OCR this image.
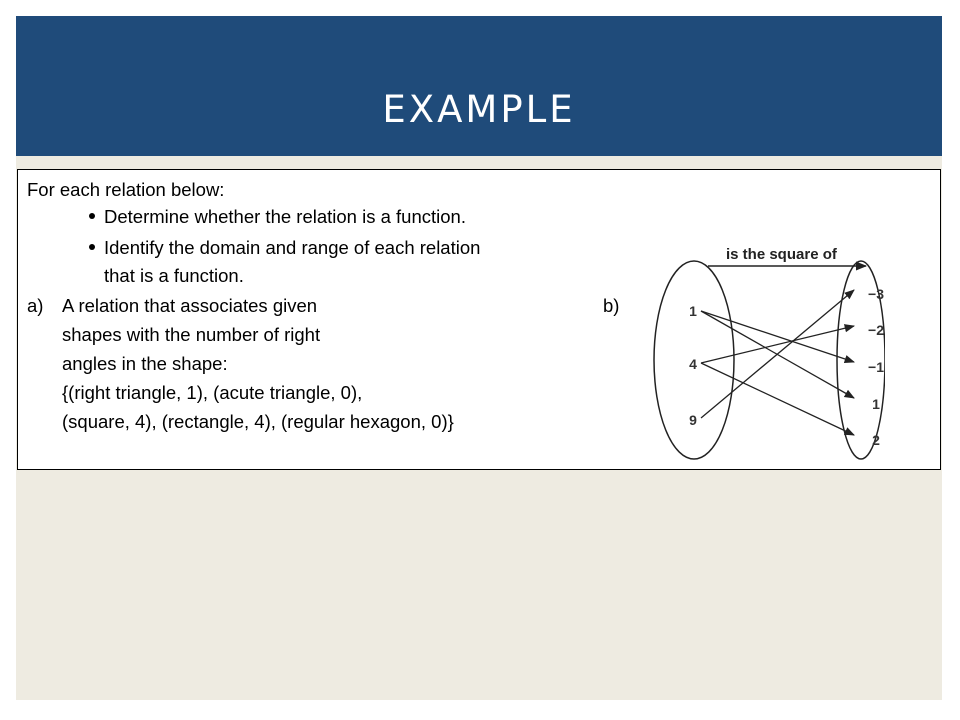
EXAMPLE
For each relation below:
Determine whether the relation is a function.
Identify the domain and range of each relation
that is a function.
a) A relation that associates given
shapes with the number of right
angles in the shape:
{(right triangle, 1), (acute triangle, 0),
(square, 4), (rectangle, 4), (regular hexagon, 0)}
b)
is the square of
1
4
9
−3
−2
−1
1
2
